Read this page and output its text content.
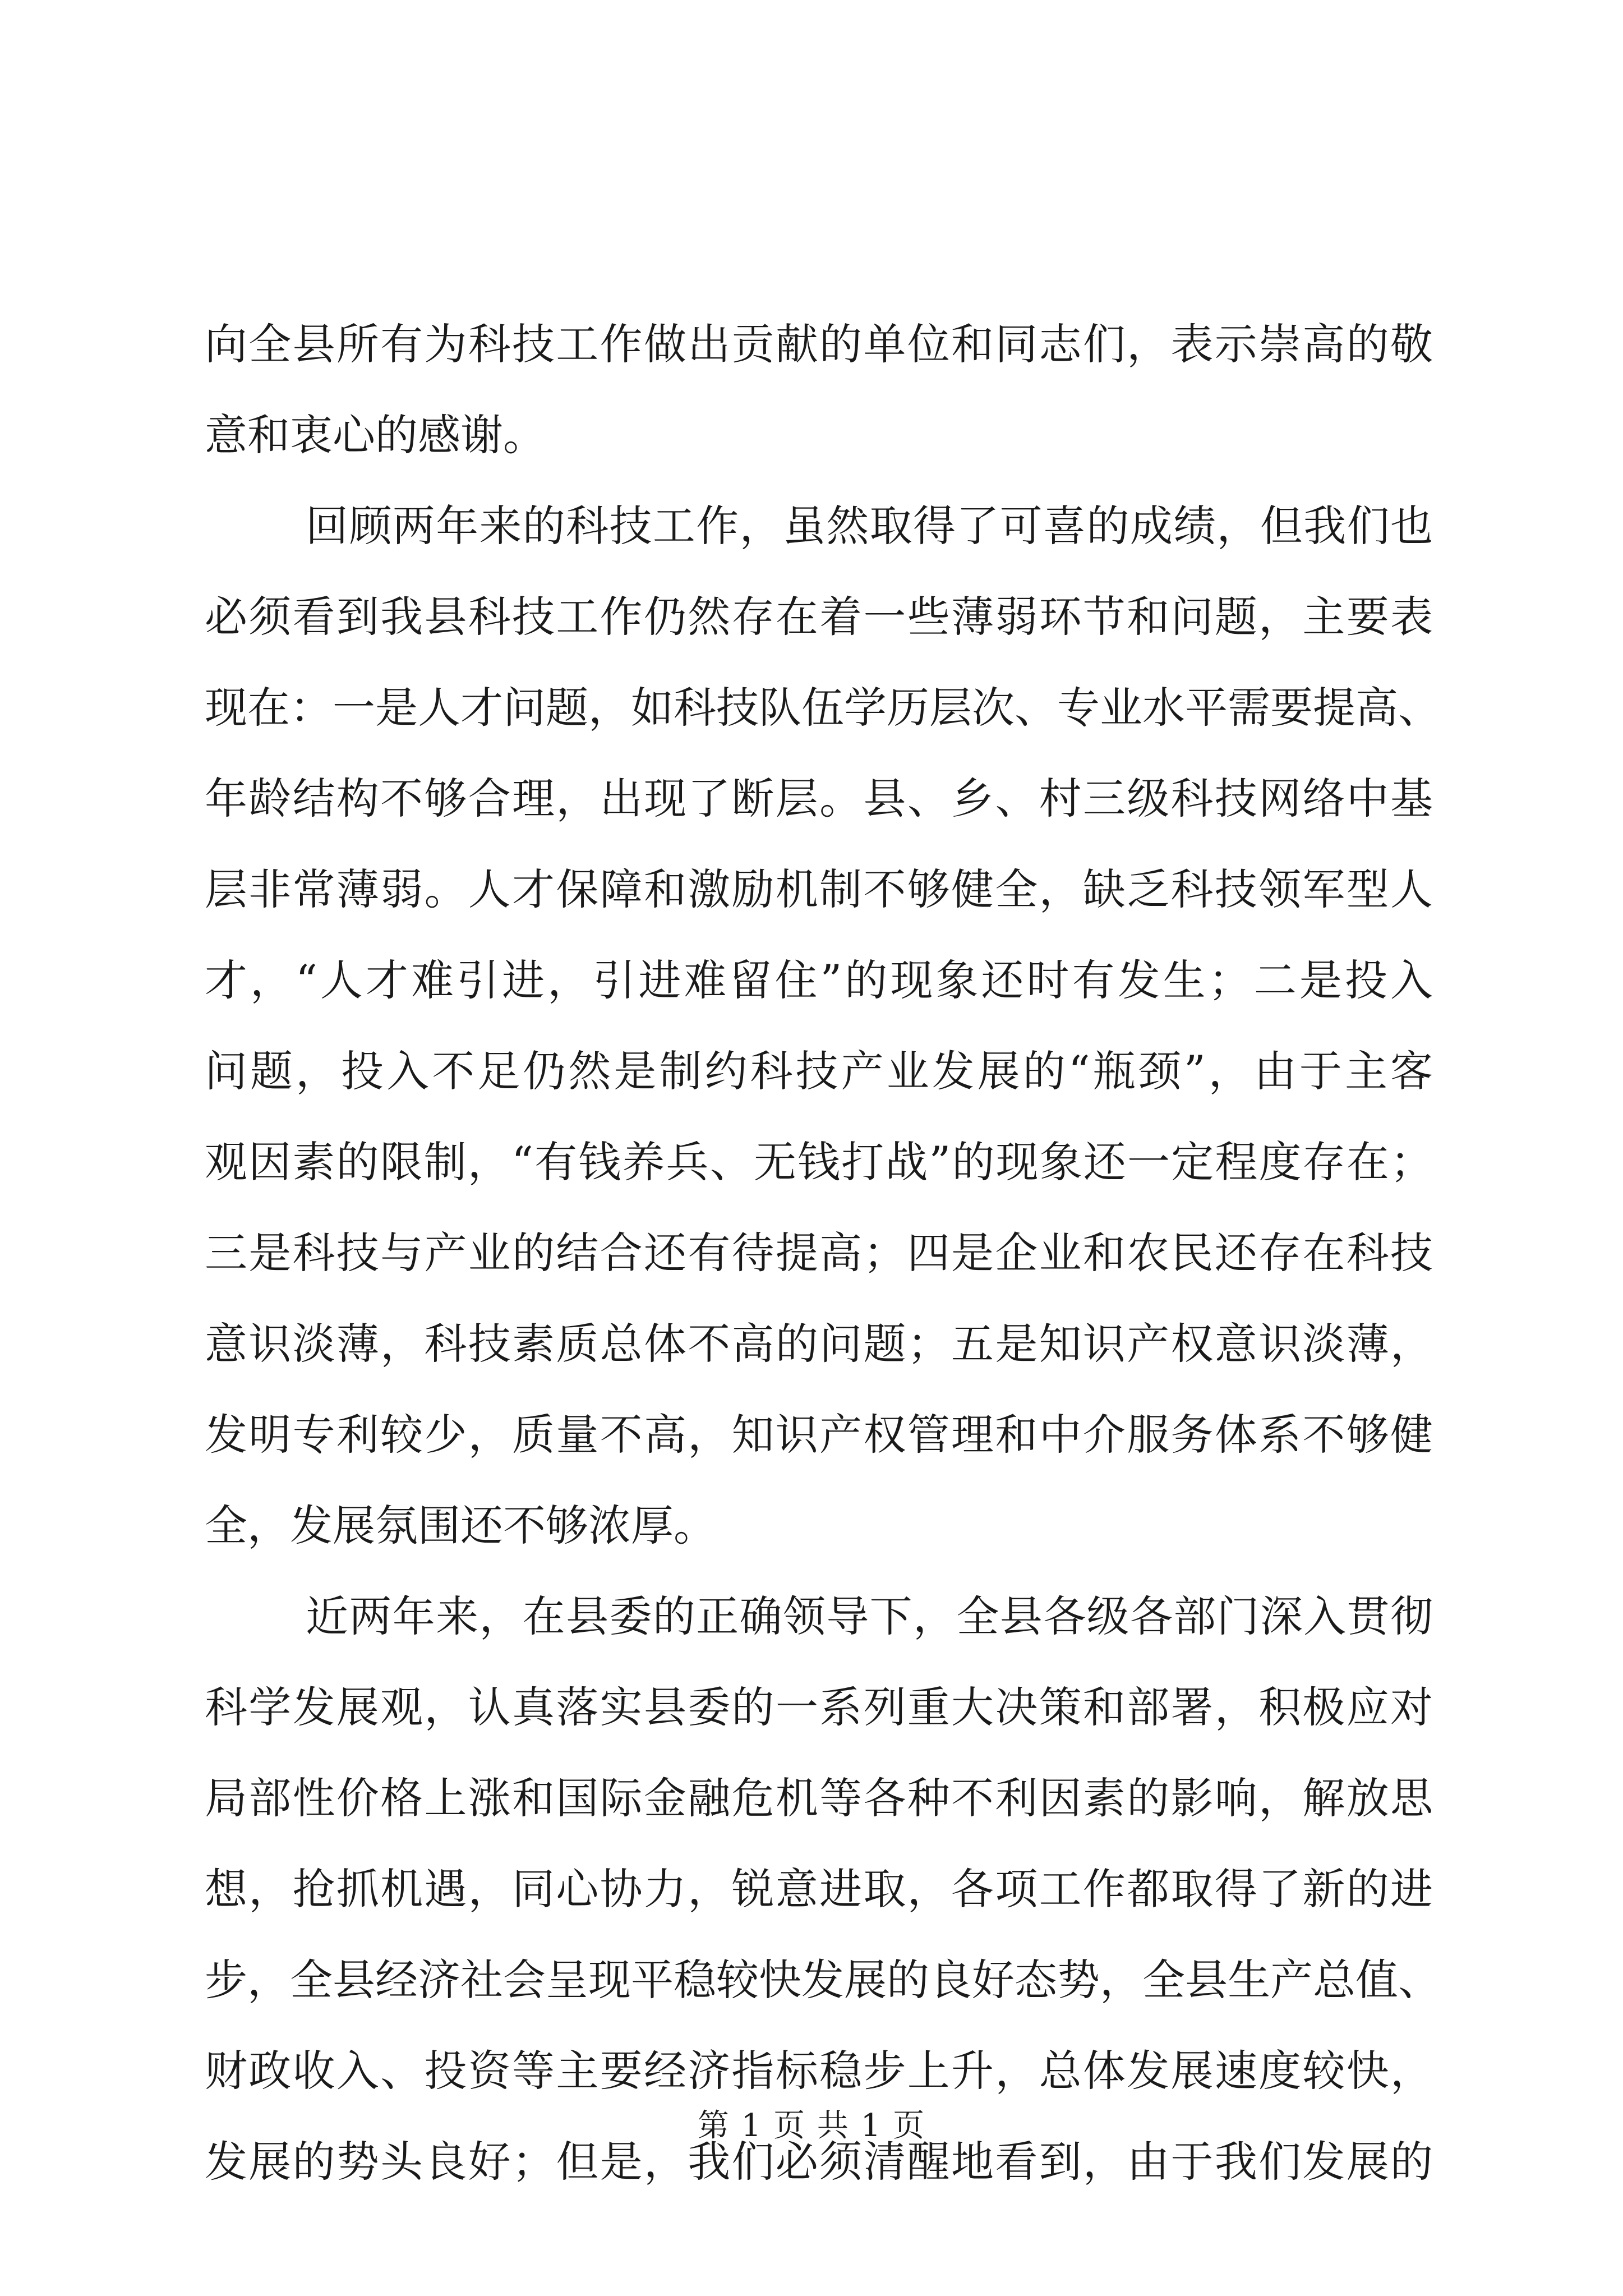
向全县所有为科技工作做出贡献的单位和同志们，表示崇高的敬
意和衷心的感谢。
回顾两年来的科技工作，虽然取得了可喜的成绩，但我们也
必须看到我县科技工作仍然存在着一些薄弱环节和问题，主要表
现在：一是人才问题，如科技队伍学历层次、专业水平需要提高、
年龄结构不够合理，出现了断层。县、乡、村三级科技网络中基
层非常薄弱。人才保障和激励机制不够健全，缺乏科技领军型人
才，“人才难引进，引进难留住”的现象还时有发生；二是投入
问题，投入不足仍然是制约科技产业发展的“瓶颈”，由于主客
观因素的限制，“有钱养兵、无钱打战”的现象还一定程度存在；
三是科技与产业的结合还有待提高；四是企业和农民还存在科技
意识淡薄，科技素质总体不高的问题；五是知识产权意识淡薄，
发明专利较少，质量不高，知识产权管理和中介服务体系不够健
全，发展氛围还不够浓厚。
近两年来，在县委的正确领导下，全县各级各部门深入贯彻
科学发展观，认真落实县委的一系列重大决策和部署，积极应对
局部性价格上涨和国际金融危机等各种不利因素的影响，解放思
想，抢抓机遇，同心协力，锐意进取，各项工作都取得了新的进
步，全县经济社会呈现平稳较快发展的良好态势，全县生产总值、
财政收入、投资等主要经济指标稳步上升，总体发展速度较快，
发展的势头良好；但是，我们必须清醒地看到，由于我们发展的
第 1 页 共 1 页
